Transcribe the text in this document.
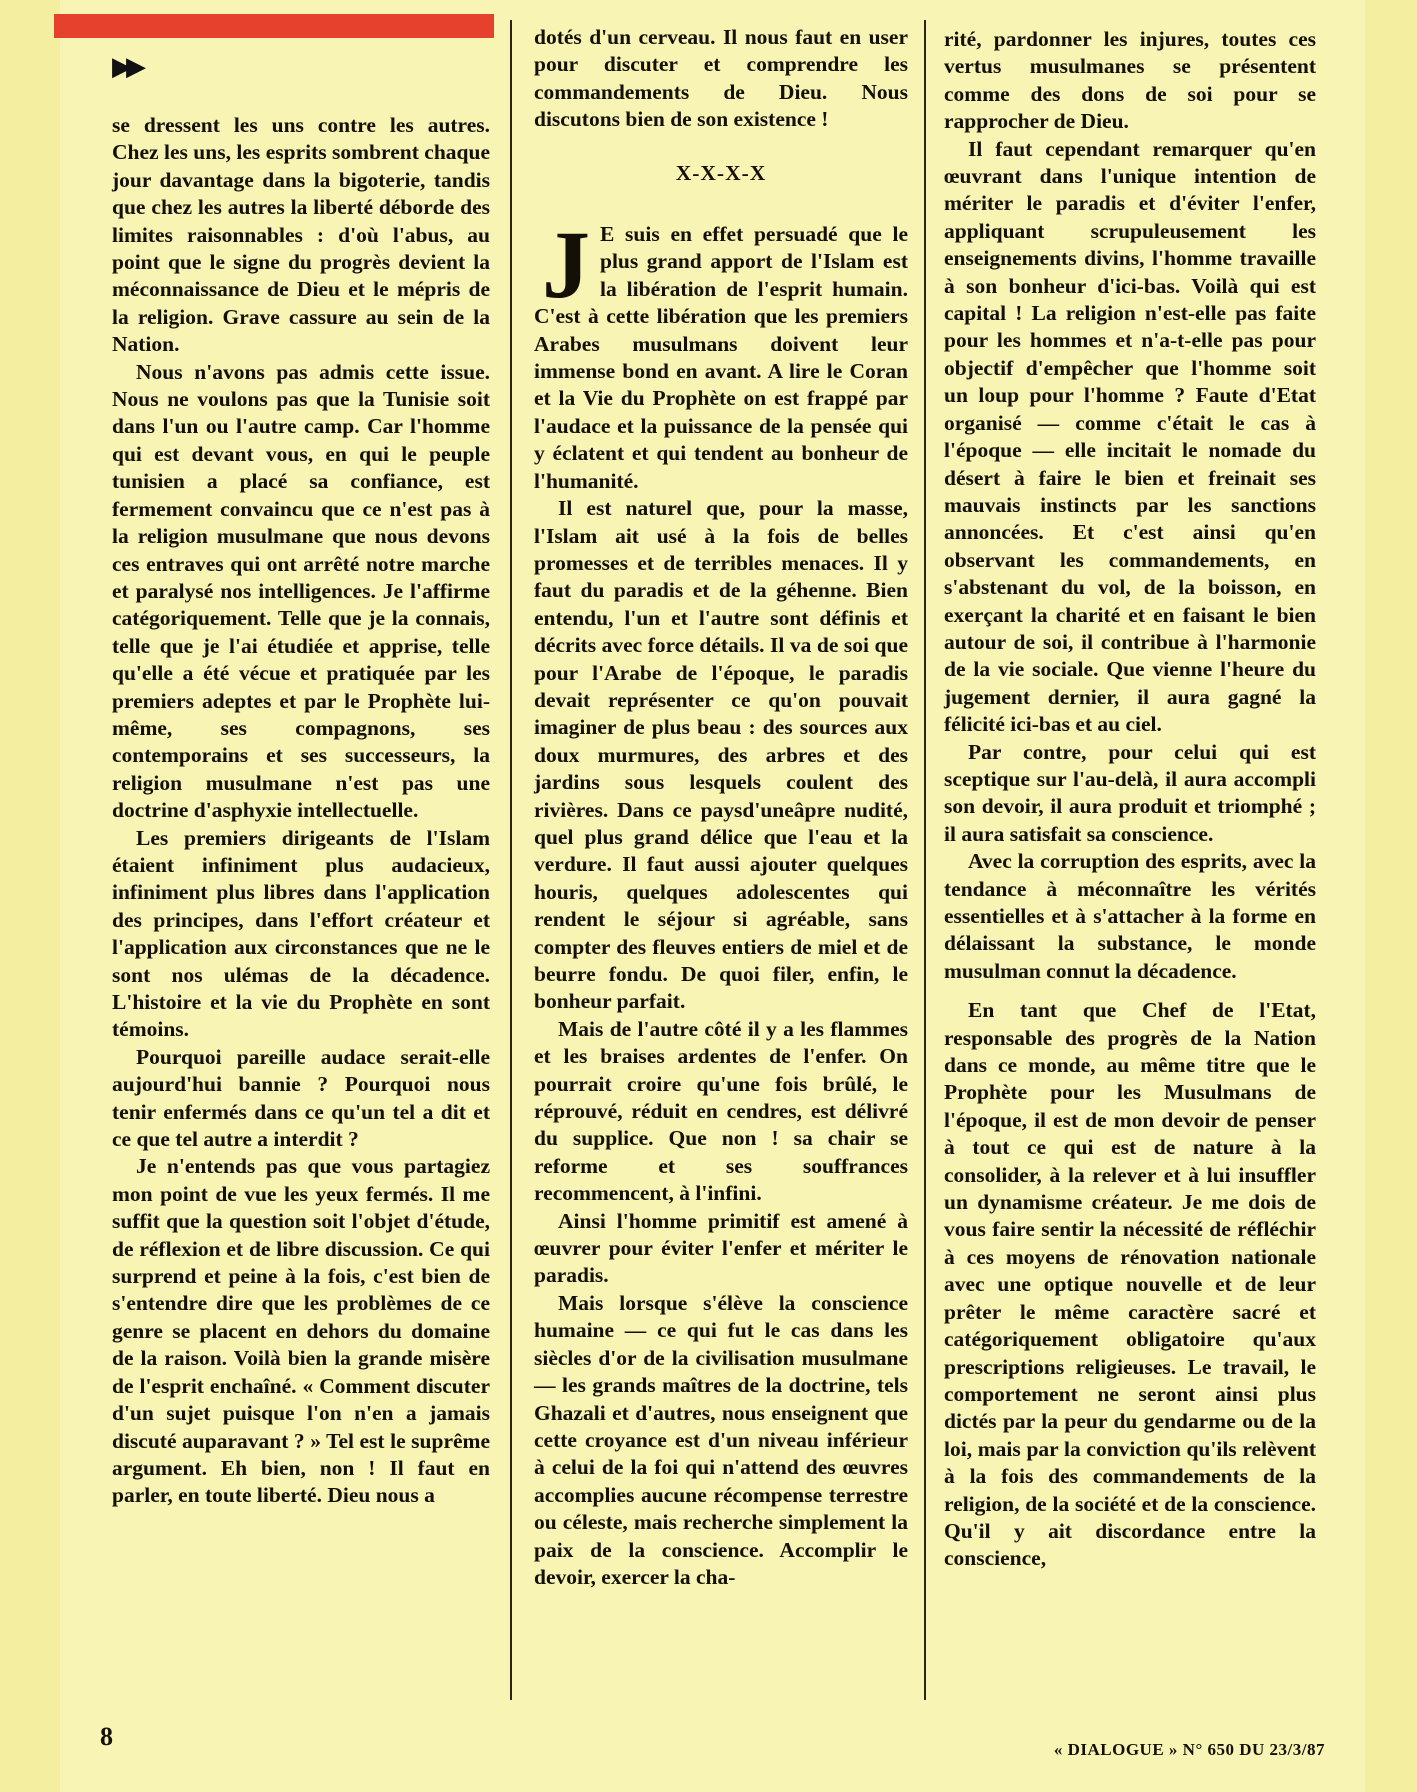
▶▶

se dressent les uns contre les autres. Chez les uns, les esprits sombrent chaque jour davantage dans la bigoterie, tandis que chez les autres la liberté déborde des limites raisonnables : d'où l'abus, au point que le signe du progrès devient la méconnaissance de Dieu et le mépris de la religion. Grave cassure au sein de la Nation.

Nous n'avons pas admis cette issue. Nous ne voulons pas que la Tunisie soit dans l'un ou l'autre camp. Car l'homme qui est devant vous, en qui le peuple tunisien a placé sa confiance, est fermement convaincu que ce n'est pas à la religion musulmane que nous devons ces entraves qui ont arrêté notre marche et paralysé nos intelligences. Je l'affirme catégoriquement. Telle que je la connais, telle que je l'ai étudiée et apprise, telle qu'elle a été vécue et pratiquée par les premiers adeptes et par le Prophète lui-même, ses compagnons, ses contemporains et ses successeurs, la religion musulmane n'est pas une doctrine d'asphyxie intellectuelle.

Les premiers dirigeants de l'Islam étaient infiniment plus audacieux, infiniment plus libres dans l'application des principes, dans l'effort créateur et l'application aux circonstances que ne le sont nos ulémas de la décadence. L'histoire et la vie du Prophète en sont témoins.

Pourquoi pareille audace serait-elle aujourd'hui bannie ? Pourquoi nous tenir enfermés dans ce qu'un tel a dit et ce que tel autre a interdit ?

Je n'entends pas que vous partagiez mon point de vue les yeux fermés. Il me suffit que la question soit l'objet d'étude, de réflexion et de libre discussion. Ce qui surprend et peine à la fois, c'est bien de s'entendre dire que les problèmes de ce genre se placent en dehors du domaine de la raison. Voilà bien la grande misère de l'esprit enchaîné. « Comment discuter d'un sujet puisque l'on n'en a jamais discuté auparavant ? » Tel est le suprême argument. Eh bien, non ! Il faut en parler, en toute liberté. Dieu nous a

dotés d'un cerveau. Il nous faut en user pour discuter et comprendre les commandements de Dieu. Nous discutons bien de son existence !

X-X-X-X

J E suis en effet persuadé que le plus grand apport de l'Islam est la libération de l'esprit humain. C'est à cette libération que les premiers Arabes musulmans doivent leur immense bond en avant. A lire le Coran et la Vie du Prophète on est frappé par l'audace et la puissance de la pensée qui y éclatent et qui tendent au bonheur de l'humanité.

Il est naturel que, pour la masse, l'Islam ait usé à la fois de belles promesses et de terribles menaces. Il y faut du paradis et de la géhenne. Bien entendu, l'un et l'autre sont définis et décrits avec force détails. Il va de soi que pour l'Arabe de l'époque, le paradis devait représenter ce qu'on pouvait imaginer de plus beau : des sources aux doux murmures, des arbres et des jardins sous lesquels coulent des rivières. Dans ce paysd'uneâpre nudité, quel plus grand délice que l'eau et la verdure. Il faut aussi ajouter quelques houris, quelques adolescentes qui rendent le séjour si agréable, sans compter des fleuves entiers de miel et de beurre fondu. De quoi filer, enfin, le bonheur parfait.

Mais de l'autre côté il y a les flammes et les braises ardentes de l'enfer. On pourrait croire qu'une fois brûlé, le réprouvé, réduit en cendres, est délivré du supplice. Que non ! sa chair se reforme et ses souffrances recommencent, à l'infini.

Ainsi l'homme primitif est amené à œuvrer pour éviter l'enfer et mériter le paradis.

Mais lorsque s'élève la conscience humaine — ce qui fut le cas dans les siècles d'or de la civilisation musulmane — les grands maîtres de la doctrine, tels Ghazali et d'autres, nous enseignent que cette croyance est d'un niveau inférieur à celui de la foi qui n'attend des œuvres accomplies aucune récompense terrestre ou céleste, mais recherche simplement la paix de la conscience. Accomplir le devoir, exercer la cha-

rité, pardonner les injures, toutes ces vertus musulmanes se présentent comme des dons de soi pour se rapprocher de Dieu.

Il faut cependant remarquer qu'en œuvrant dans l'unique intention de mériter le paradis et d'éviter l'enfer, appliquant scrupuleusement les enseignements divins, l'homme travaille à son bonheur d'ici-bas. Voilà qui est capital ! La religion n'est-elle pas faite pour les hommes et n'a-t-elle pas pour objectif d'empêcher que l'homme soit un loup pour l'homme ? Faute d'Etat organisé — comme c'était le cas à l'époque — elle incitait le nomade du désert à faire le bien et freinait ses mauvais instincts par les sanctions annoncées. Et c'est ainsi qu'en observant les commandements, en s'abstenant du vol, de la boisson, en exerçant la charité et en faisant le bien autour de soi, il contribue à l'harmonie de la vie sociale. Que vienne l'heure du jugement dernier, il aura gagné la félicité ici-bas et au ciel.

Par contre, pour celui qui est sceptique sur l'au-delà, il aura accompli son devoir, il aura produit et triomphé ; il aura satisfait sa conscience.

Avec la corruption des esprits, avec la tendance à méconnaître les vérités essentielles et à s'attacher à la forme en délaissant la substance, le monde musulman connut la décadence.

En tant que Chef de l'Etat, responsable des progrès de la Nation dans ce monde, au même titre que le Prophète pour les Musulmans de l'époque, il est de mon devoir de penser à tout ce qui est de nature à la consolider, à la relever et à lui insuffler un dynamisme créateur. Je me dois de vous faire sentir la nécessité de réfléchir à ces moyens de rénovation nationale avec une optique nouvelle et de leur prêter le même caractère sacré et catégoriquement obligatoire qu'aux prescriptions religieuses. Le travail, le comportement ne seront ainsi plus dictés par la peur du gendarme ou de la loi, mais par la conviction qu'ils relèvent à la fois des commandements de la religion, de la société et de la conscience. Qu'il y ait discordance entre la conscience,

8	« DIALOGUE » N° 650 DU 23/3/87
